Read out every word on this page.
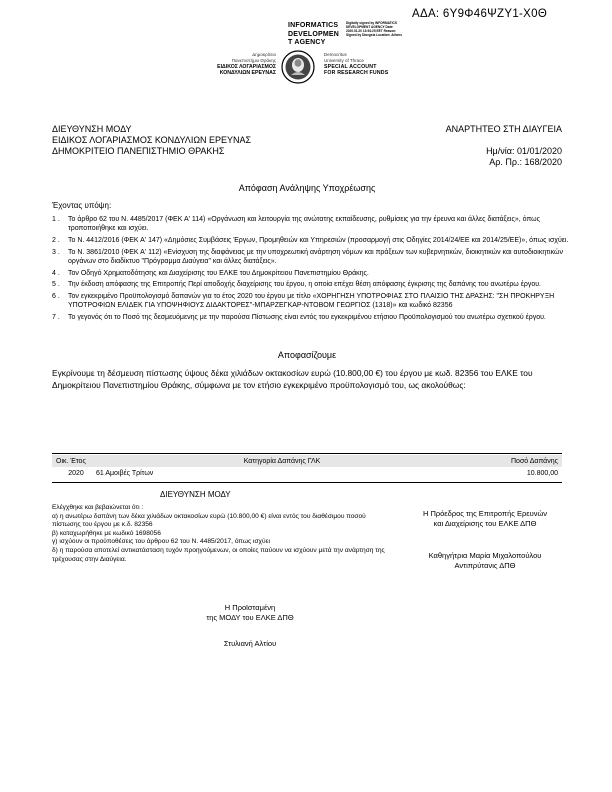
ΑΔΑ: 6Υ9Φ46ΨΖΥ1-Χ0Θ
INFORMATICS
DEVELOPMEN
T AGENCY
Digitally signed by INFORMATICS DEVELOPMENT AGENCY Date: 2020.01.20 13:54:25 EET Reason: Signed by Diavgeia Location: Athens
Δημοκρίτειο
Πανεπιστήμιο Θράκης
ΕΙΔΙΚΟΣ ΛΟΓΑΡΙΑΣΜΟΣ
ΚΟΝΔΥΛΙΩΝ ΕΡΕΥΝΑΣ
Democritus
University of Thrace
SPECIAL ACCOUNT
FOR RESEARCH FUNDS
ΔΙΕΥΘΥΝΣΗ ΜΟΔΥ
ΕΙΔΙΚΟΣ ΛΟΓΑΡΙΑΣΜΟΣ ΚΟΝΔΥΛΙΩΝ ΕΡΕΥΝΑΣ
ΔΗΜΟΚΡΙΤΕΙΟ ΠΑΝΕΠΙΣΤΗΜΙΟ ΘΡΑΚΗΣ
ΑΝΑΡΤΗΤΕΟ ΣΤΗ ΔΙΑΥΓΕΙΑ
Ημ/νία: 01/01/2020
Αρ. Πρ.: 168/2020
Απόφαση Ανάληψης Υποχρέωσης
Έχοντας υπόψη:
1 . Το άρθρο 62 του Ν. 4485/2017 (ΦΕΚ Α' 114) «Οργάνωση και λειτουργία της ανώτατης εκπαίδευσης, ρυθμίσεις για την έρευνα και άλλες διατάξεις», όπως τροποποιήθηκε και ισχύει.
2 . Το Ν. 4412/2016 (ΦΕΚ Α' 147) «Δημόσιες Συμβάσεις Έργων, Προμηθειών και Υπηρεσιών (προσαρμογή στις Οδηγίες 2014/24/ΕΕ και 2014/25/ΕΕ)», όπως ισχύει.
3 . Το Ν. 3861/2010 (ΦΕΚ Α' 112) «Ενίσχυση της διαφάνειας με την υποχρεωτική ανάρτηση νόμων και πράξεων των κυβερνητικών, διοικητικών και αυτοδιοικητικών οργάνων στο διαδίκτυο "Πρόγραμμα Διαύγεια" και άλλες διατάξεις».
4 . Τον Οδηγό Χρηματοδότησης και Διαχείρισης του ΕΛΚΕ του Δημοκρίτειου Πανεπιστημίου Θράκης.
5 . Την έκδοση απόφασης της Επιτροπής Περί αποδοχής διαχείρισης του έργου, η οποία επέχει θέση απόφασης έγκρισης της δαπάνης του ανωτέρω έργου.
6 . Τον εγκεκριμένο Προϋπολογισμό δαπανών για το έτος 2020 του έργου με τίτλο «ΧΟΡΗΓΗΣΗ ΥΠΟΤΡΟΦΙΑΣ ΣΤΟ ΠΛΑΙΣΙΟ ΤΗΣ ΔΡΑΣΗΣ: "ΣΗ ΠΡΟΚΗΡΥΞΗ ΥΠΟΤΡΟΦΙΩΝ ΕΛΙΔΕΚ ΓΙΑ ΥΠΟΨΗΦΙΟΥΣ ΔΙΔΑΚΤΟΡΕΣ"-ΜΠΑΡΖΕΓΚΑΡ-ΝΤΟΒΟΜ ΓΕΩΡΓΙΟΣ (1318)» και κωδικό 82356
7 . Το γεγονός ότι το Ποσό της δεσμευόμενης με την παρούσα Πίστωσης είναι εντός του εγκεκριμένου ετήσιου Προϋπολογισμού του ανωτέρω σχετικού έργου.
Αποφασίζουμε
Εγκρίνουμε τη δέσμευση πίστωσης ύψους δέκα χιλιάδων οκτακοσίων ευρώ (10.800,00 €) του έργου με κωδ. 82356 του ΕΛΚΕ του Δημοκρίτειου Πανεπιστημίου Θράκης, σύμφωνα με τον ετήσιο εγκεκριμένο προϋπολογισμό του, ως ακολούθως:
Οικ. Έτος	Κατηγορία Δαπάνης ΓΛΚ	Ποσό Δαπάνης
2020 61 Αμοιβές Τρίτων		10.800,00
ΔΙΕΥΘΥΝΣΗ ΜΟΔΥ
Ελέγχθηκε και βεβαιώνεται ότι :
α) η ανωτέρω δαπάνη των δέκα χιλιάδων οκτακοσίων ευρώ (10.800,00 €) είναι εντός του διαθέσιμου ποσού πίστωσης του έργου με κ.δ. 82356
β) καταχωρήθηκε με κωδικό 1698056
γ) ισχύουν οι προϋποθέσεις του άρθρου 62 του Ν. 4485/2017, όπως ισχύει
δ) η παρούσα αποτελεί αντικατάσταση τυχόν προηγούμενων, οι οποίες παύουν να ισχύουν μετά την ανάρτηση της τρέχουσας στην Διαύγεια.
Η Πρόεδρος της Επιτροπής Ερευνών
και Διαχείρισης του ΕΛΚΕ ΔΠΘ
Καθηγήτρια Μαρία Μιχαλοπούλου
Αντιπρύτανις ΔΠΘ
Η Προϊσταμένη
της ΜΟΔΥ του ΕΛΚΕ ΔΠΘ
Στυλιανή Αλτίου
